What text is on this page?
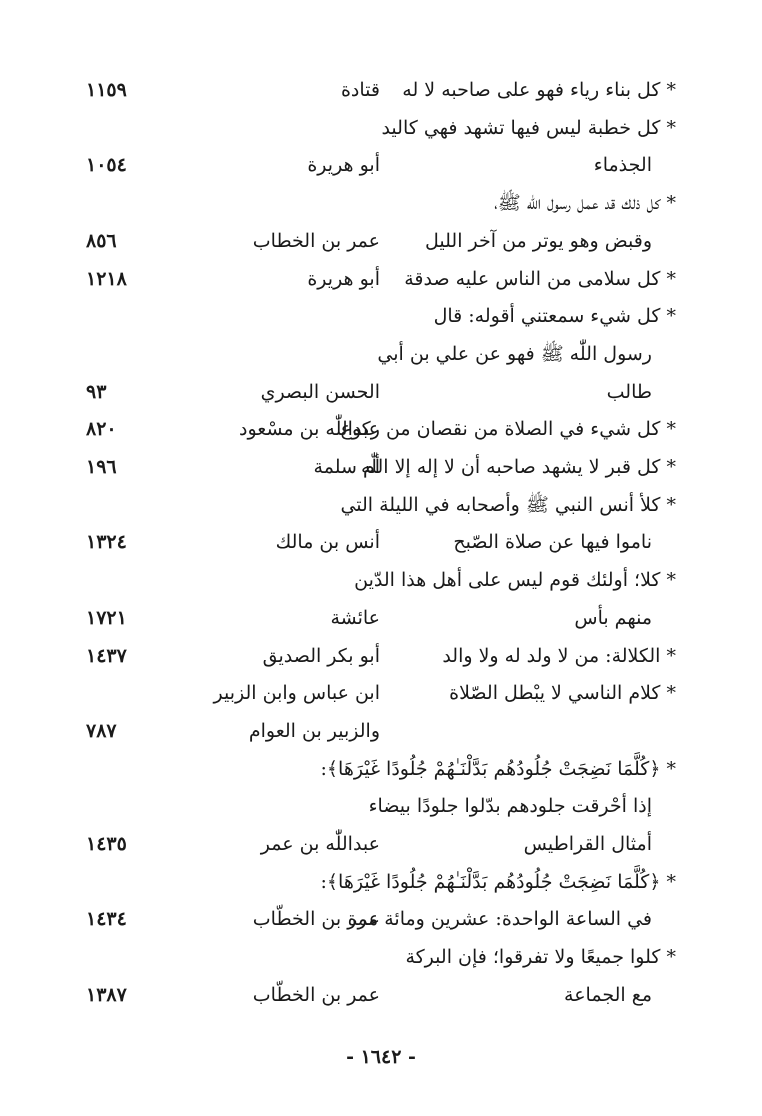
* كل بناء رياء فهو على صاحبه لا له
قتادة
١١٥٩
* كل خطبة ليس فيها تشهد فهي كاليد
الجذماء
أبو هريرة
١٠٥٤
* كل ذلك قد عمل رسول اللّٰه ﷺ،
وقبض وهو يوتر من آخر الليل
عمر بن الخطاب
٨٥٦
* كل سلامى من الناس عليه صدقة
أبو هريرة
١٢١٨
* كل شيء سمعتني أقوله: قال
رسول اللّٰه ﷺ فهو عن علي بن أبي
طالب
الحسن البصري
٩٣
* كل شيء في الصلاة من نقصان من ركوع
عبداللّٰه بن مسْعود
٨٢٠
* كل قبر لا يشهد صاحبه أن لا إله إلا اللّٰه
أم سلمة
١٩٦
* كلأ أنس النبي ﷺ وأصحابه في الليلة التي
ناموا فيها عن صلاة الصّبح
أنس بن مالك
١٣٢٤
* كلا؛ أولئك قوم ليس على أهل هذا الدّين
منهم بأس
عائشة
١٧٢١
* الكلالة: من لا ولد له ولا والد
أبو بكر الصديق
١٤٣٧
* كلام الناسي لا يبْطل الصّلاة
ابن عباس وابن الزبير
والزبير بن العوام
٧٨٧
* ﴿كُلَّمَا نَضِجَتْ جُلُودُهُم بَدَّلْنَـٰهُمْ جُلُودًا غَيْرَهَا﴾:
إذا أحْرقت جلودهم بدّلوا جلودًا بيضاء
أمثال القراطيس
عبداللّٰه بن عمر
١٤٣٥
* ﴿كُلَّمَا نَضِجَتْ جُلُودُهُم بَدَّلْنَـٰهُمْ جُلُودًا غَيْرَهَا﴾:
في الساعة الواحدة: عشرين ومائة مرة
عمر بن الخطّاب
١٤٣٤
* كلوا جميعًا ولا تفرقوا؛ فإن البركة
مع الجماعة
عمر بن الخطّاب
١٣٨٧
- ١٦٤٢ -
